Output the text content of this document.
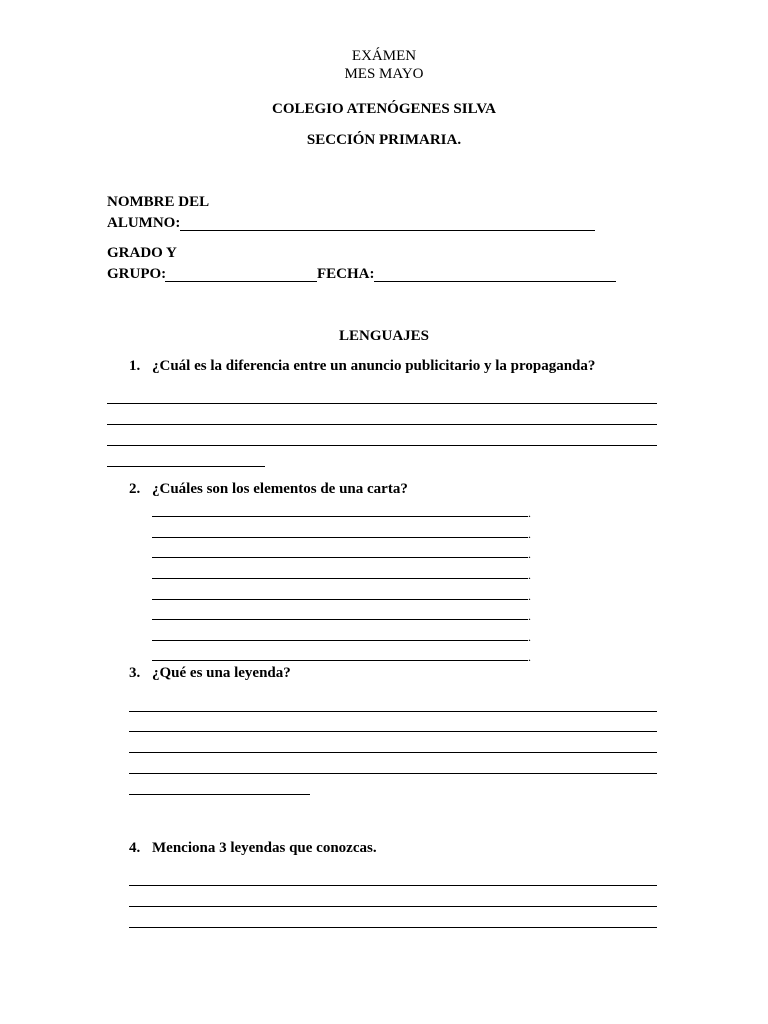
EXÁMEN
MES MAYO
COLEGIO ATENÓGENES SILVA
SECCIÓN PRIMARIA.
NOMBRE DEL
ALUMNO:
GRADO Y
GRUPO:	FECHA:
LENGUAJES
1. ¿Cuál es la diferencia entre un anuncio publicitario y la propaganda?
2. ¿Cuáles son los elementos de una carta?
.
.
.
.
.
.
.
.
3. ¿Qué es una leyenda?
4. Menciona 3 leyendas que conozcas.
